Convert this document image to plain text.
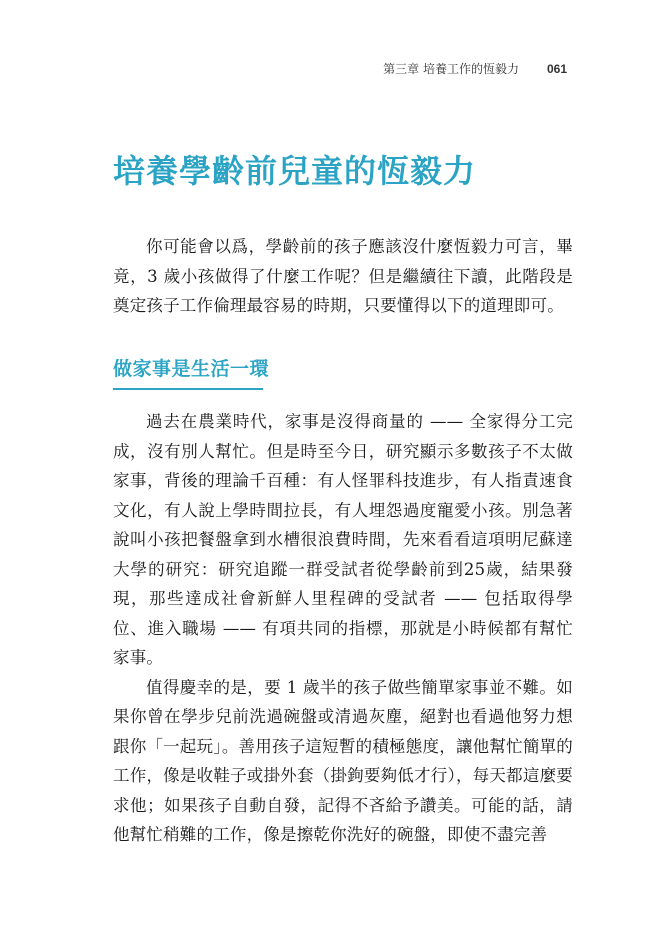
第三章 培養工作的恆毅力 061
培養學齡前兒童的恆毅力

你可能會以爲，學齡前的孩子應該沒什麼恆毅力可言，畢竟，3 歲小孩做得了什麼工作呢？但是繼續往下讀，此階段是奠定孩子工作倫理最容易的時期，只要懂得以下的道理即可。

做家事是生活一環

過去在農業時代，家事是沒得商量的 —— 全家得分工完成，沒有別人幫忙。但是時至今日，研究顯示多數孩子不太做家事，背後的理論千百種：有人怪罪科技進步，有人指責速食文化，有人說上學時間拉長，有人埋怨過度寵愛小孩。別急著說叫小孩把餐盤拿到水槽很浪費時間，先來看看這項明尼蘇達大學的研究：研究追蹤一群受試者從學齡前到25歲，結果發現，那些達成社會新鮮人里程碑的受試者 —— 包括取得學位、進入職場 —— 有項共同的指標，那就是小時候都有幫忙家事。

值得慶幸的是，要 1 歲半的孩子做些簡單家事並不難。如果你曾在學步兒前洗過碗盤或清過灰塵，絕對也看過他努力想跟你「一起玩」。善用孩子這短暫的積極態度，讓他幫忙簡單的工作，像是收鞋子或掛外套（掛鉤要夠低才行），每天都這麼要求他；如果孩子自動自發，記得不吝給予讚美。可能的話，請他幫忙稍難的工作，像是擦乾你洗好的碗盤，即使不盡完善
